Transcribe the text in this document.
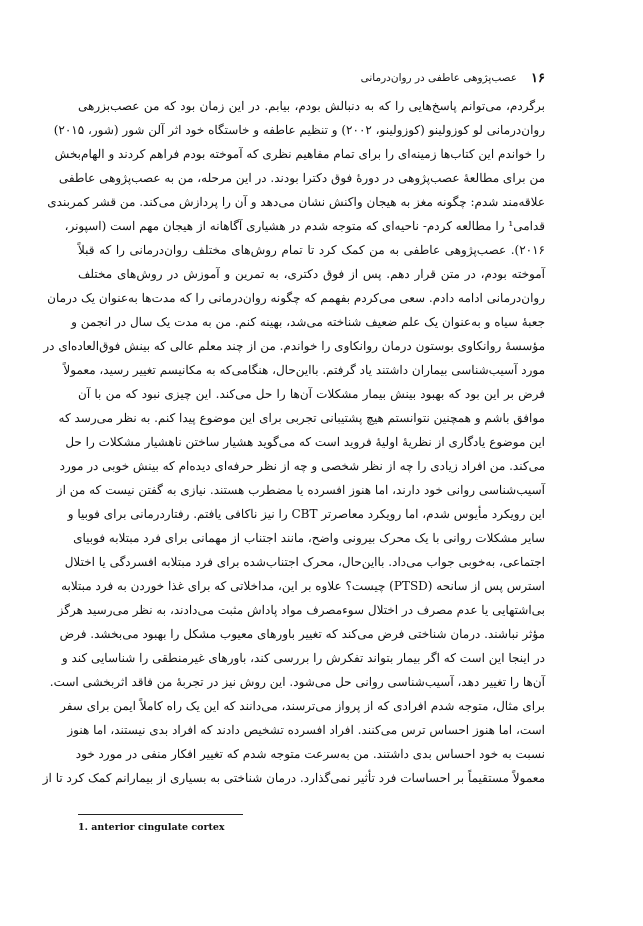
۱۶
عصب‌پژوهی عاطفی در روان‌درمانی
برگردم، می‌توانم پاسخ‌هایی را که به دنبالش بودم، بیابم. در این زمان بود که من عصب‌بزرهی
روان‌درمانی لو کوزولینو (کوزولینو، ۲۰۰۲) و تنظیم عاطفه و خاستگاه خود اثر آلن شور (شور، ۲۰۱۵)
را خواندم این کتاب‌ها زمینه‌ای را برای تمام مفاهیم نظری که آموخته بودم فراهم کردند و الهام‌بخش
من برای مطالعهٔ عصب‌پژوهی در دورهٔ فوق دکترا بودند. در این مرحله، من به عصب‌پژوهی عاطفی
علاقه‌مند شدم: چگونه مغز به هیجان واکنش نشان می‌دهد و آن را پردازش می‌کند. من قشر کمربندی
قدامی¹ را مطالعه کردم- ناحیه‌ای که متوجه شدم در هشیاری آگاهانه از هیجان مهم است (اسپونر،
۲۰۱۶). عصب‌پژوهی عاطفی به من کمک کرد تا تمام روش‌های مختلف روان‌درمانی را که قبلاً
آموخته بودم، در متن قرار دهم. پس از فوق دکتری، به تمرین و آموزش در روش‌های مختلف
روان‌درمانی ادامه دادم. سعی می‌کردم بفهمم که چگونه روان‌درمانی را که مدت‌ها به‌عنوان یک درمان
جعبهٔ سیاه و به‌عنوان یک علم ضعیف شناخته می‌شد، بهینه کنم. من به مدت یک سال در انجمن و
مؤسسهٔ روانکاوی بوستون درمان روانکاوی را خواندم. من از چند معلم عالی که بینش فوق‌العاده‌ای در
مورد آسیب‌شناسی بیماران داشتند یاد گرفتم. بااین‌حال، هنگامی‌که به مکانیسم تغییر رسید، معمولاً
فرض بر این بود که بهبود بینش بیمار مشکلات آن‌ها را حل می‌کند. این چیزی نبود که من با آن
موافق باشم و همچنین نتوانستم هیچ پشتیبانی تجربی برای این موضوع پیدا کنم. به نظر می‌رسد که
این موضوع یادگاری از نظریهٔ اولیهٔ فروید است که می‌گوید هشیار ساختن ناهشیار مشکلات را حل
می‌کند. من افراد زیادی را چه از نظر شخصی و چه از نظر حرفه‌ای دیده‌ام که بینش خوبی در مورد
آسیب‌شناسی روانی خود دارند، اما هنوز افسرده یا مضطرب هستند. نیازی به گفتن نیست که من از
این رویکرد مأیوس شدم، اما رویکرد معاصرتر CBT را نیز ناکافی یافتم. رفتاردرمانی برای فوبیا و
سایر مشکلات روانی با یک محرک بیرونی واضح، مانند اجتناب از مهمانی برای فرد مبتلابه فوبیای
اجتماعی، به‌خوبی جواب می‌داد. بااین‌حال، محرک اجتناب‌شده برای فرد مبتلابه افسردگی یا اختلال
استرس پس از سانحه (PTSD) چیست؟ علاوه بر این، مداخلاتی که برای غذا خوردن به فرد مبتلابه
بی‌اشتهایی یا عدم مصرف در اختلال سوءمصرف مواد پاداش مثبت می‌دادند، به نظر می‌رسید هرگز
مؤثر نباشند. درمان شناختی فرض می‌کند که تغییر باورهای معیوب مشکل را بهبود می‌بخشد. فرض
در اینجا این است که اگر بیمار بتواند تفکرش را بررسی کند، باورهای غیرمنطقی را شناسایی کند و
آن‌ها را تغییر دهد، آسیب‌شناسی روانی حل می‌شود. این روش نیز در تجربهٔ من فاقد اثربخشی است.
برای مثال، متوجه شدم افرادی که از پرواز می‌ترسند، می‌دانند که این یک راه کاملاً ایمن برای سفر
است، اما هنوز احساس ترس می‌کنند. افراد افسرده تشخیص دادند که افراد بدی نیستند، اما هنوز
نسبت به خود احساس بدی داشتند. من به‌سرعت متوجه شدم که تغییر افکار منفی در مورد خود
معمولاً مستقیماً بر احساسات فرد تأثیر نمی‌گذارد. درمان شناختی به بسیاری از بیمارانم کمک کرد تا از
1. anterior cingulate cortex
